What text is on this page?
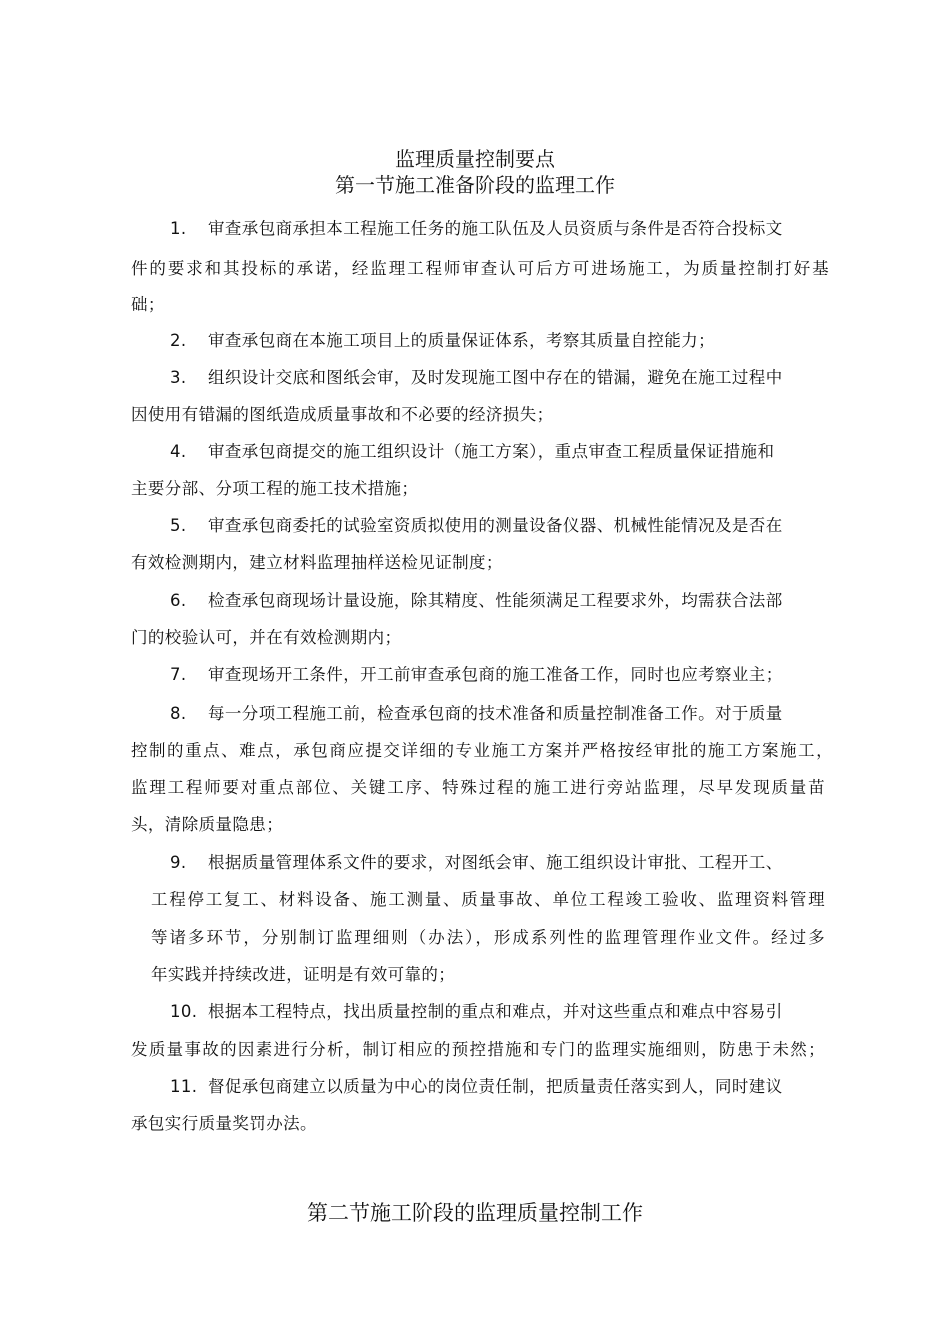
监理质量控制要点
第一节施工准备阶段的监理工作
1. 审查承包商承担本工程施工任务的施工队伍及人员资质与条件是否符合投标文
件的要求和其投标的承诺，经监理工程师审查认可后方可进场施工，为质量控制打好基
础；
2. 审查承包商在本施工项目上的质量保证体系，考察其质量自控能力；
3. 组织设计交底和图纸会审，及时发现施工图中存在的错漏，避免在施工过程中
因使用有错漏的图纸造成质量事故和不必要的经济损失；
4. 审查承包商提交的施工组织设计（施工方案），重点审查工程质量保证措施和
主要分部、分项工程的施工技术措施；
5. 审查承包商委托的试验室资质拟使用的测量设备仪器、机械性能情况及是否在
有效检测期内，建立材料监理抽样送检见证制度；
6. 检查承包商现场计量设施，除其精度、性能须满足工程要求外，均需获合法部
门的校验认可，并在有效检测期内；
7. 审查现场开工条件，开工前审查承包商的施工准备工作，同时也应考察业主；
8. 每一分项工程施工前，检查承包商的技术准备和质量控制准备工作。对于质量
控制的重点、难点，承包商应提交详细的专业施工方案并严格按经审批的施工方案施工，
监理工程师要对重点部位、关键工序、特殊过程的施工进行旁站监理，尽早发现质量苗
头，清除质量隐患；
9. 根据质量管理体系文件的要求，对图纸会审、施工组织设计审批、工程开工、
工程停工复工、材料设备、施工测量、质量事故、单位工程竣工验收、监理资料管理
等诸多环节，分别制订监理细则（办法），形成系列性的监理管理作业文件。经过多
年实践并持续改进，证明是有效可靠的；
10. 根据本工程特点，找出质量控制的重点和难点，并对这些重点和难点中容易引
发质量事故的因素进行分析，制订相应的预控措施和专门的监理实施细则，防患于未然；
11. 督促承包商建立以质量为中心的岗位责任制，把质量责任落实到人，同时建议
承包实行质量奖罚办法。
第二节施工阶段的监理质量控制工作
